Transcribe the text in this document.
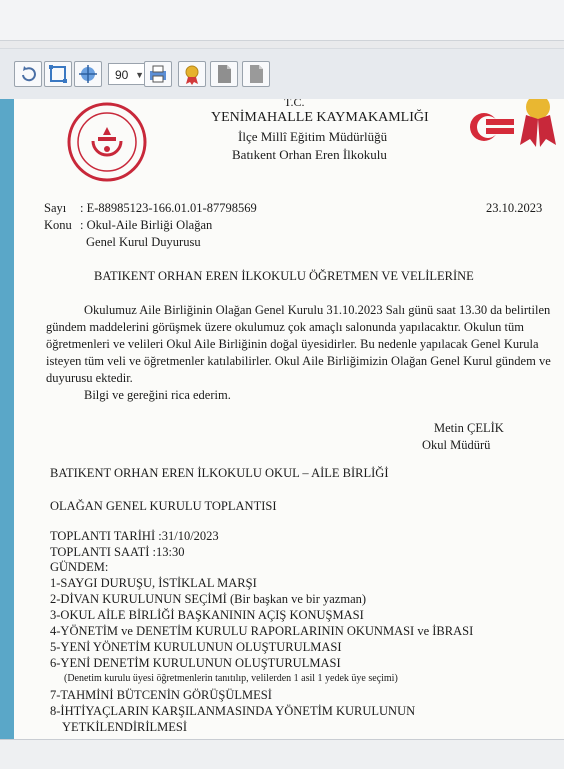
90 ▼
T.C.
YENİMAHALLE KAYMAKAMLIĞI
İlçe Millî Eğitim Müdürlüğü
Batıkent Orhan Eren İlkokulu
Sayı : E-88985123-166.01.01-87798569	23.10.2023
Konu : Okul-Aile Birliği Olağan
Genel Kurul Duyurusu
BATIKENT ORHAN EREN İLKOKULU ÖĞRETMEN VE VELİLERİNE
Okulumuz Aile Birliğinin Olağan Genel Kurulu 31.10.2023 Salı günü saat 13.30 da belirtilen
gündem maddelerini görüşmek üzere okulumuz çok amaçlı salonunda yapılacaktır. Okulun tüm
öğretmenleri ve velileri Okul Aile Birliğinin doğal üyesidirler. Bu nedenle yapılacak Genel Kurula
isteyen tüm veli ve öğretmenler katılabilirler. Okul Aile Birliğimizin Olağan Genel Kurul gündem ve
duyurusu ektedir.
Bilgi ve gereğini rica ederim.
Metin ÇELİK
Okul Müdürü
BATIKENT ORHAN EREN İLKOKULU OKUL – AİLE BİRLİĞİ
OLAĞAN GENEL KURULU TOPLANTISI
TOPLANTI TARİHİ :31/10/2023
TOPLANTI SAATİ :13:30
GÜNDEM:
1-SAYGI DURUŞU, İSTİKLAL MARŞI
2-DİVAN KURULUNUN SEÇİMİ (Bir başkan ve bir yazman)
3-OKUL AİLE BİRLİĞİ BAŞKANININ AÇIŞ KONUŞMASI
4-YÖNETİM ve DENETİM KURULU RAPORLARININ OKUNMASI ve İBRASI
5-YENİ YÖNETİM KURULUNUN OLUŞTURULMASI
6-YENİ DENETİM KURULUNUN OLUŞTURULMASI
(Denetim kurulu üyesi öğretmenlerin tanıtılıp, velilerden 1 asil 1 yedek üye seçimi)
7-TAHMİNİ BÜTCENİN GÖRÜŞÜLMESİ
8-İHTİYAÇLARIN KARŞILANMASINDA YÖNETİM KURULUNUN
YETKİLENDİRİLMESİ
